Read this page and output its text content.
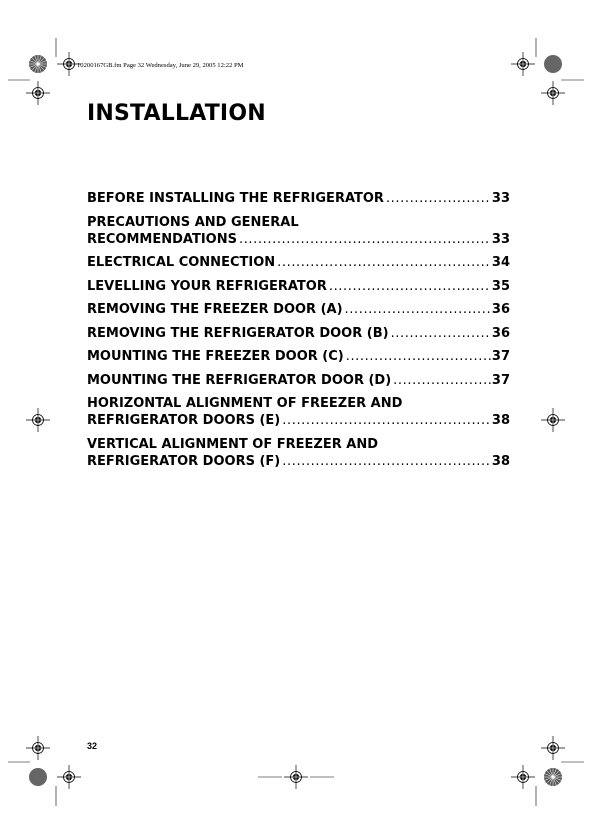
10200167GB.fm Page 32 Wednesday, June 29, 2005 12:22 PM
INSTALLATION
BEFORE INSTALLING THE REFRIGERATOR .....	33
PRECAUTIONS AND GENERAL
RECOMMENDATIONS .....	33
ELECTRICAL CONNECTION .....	34
LEVELLING YOUR REFRIGERATOR .....	35
REMOVING THE FREEZER DOOR (A) .....	36
REMOVING THE REFRIGERATOR DOOR (B) .....	36
MOUNTING THE FREEZER DOOR (C) .....	37
MOUNTING THE REFRIGERATOR DOOR (D) .....	37
HORIZONTAL ALIGNMENT OF FREEZER AND
REFRIGERATOR DOORS (E) .....	38
VERTICAL ALIGNMENT OF FREEZER AND
REFRIGERATOR DOORS (F) .....	38
32
